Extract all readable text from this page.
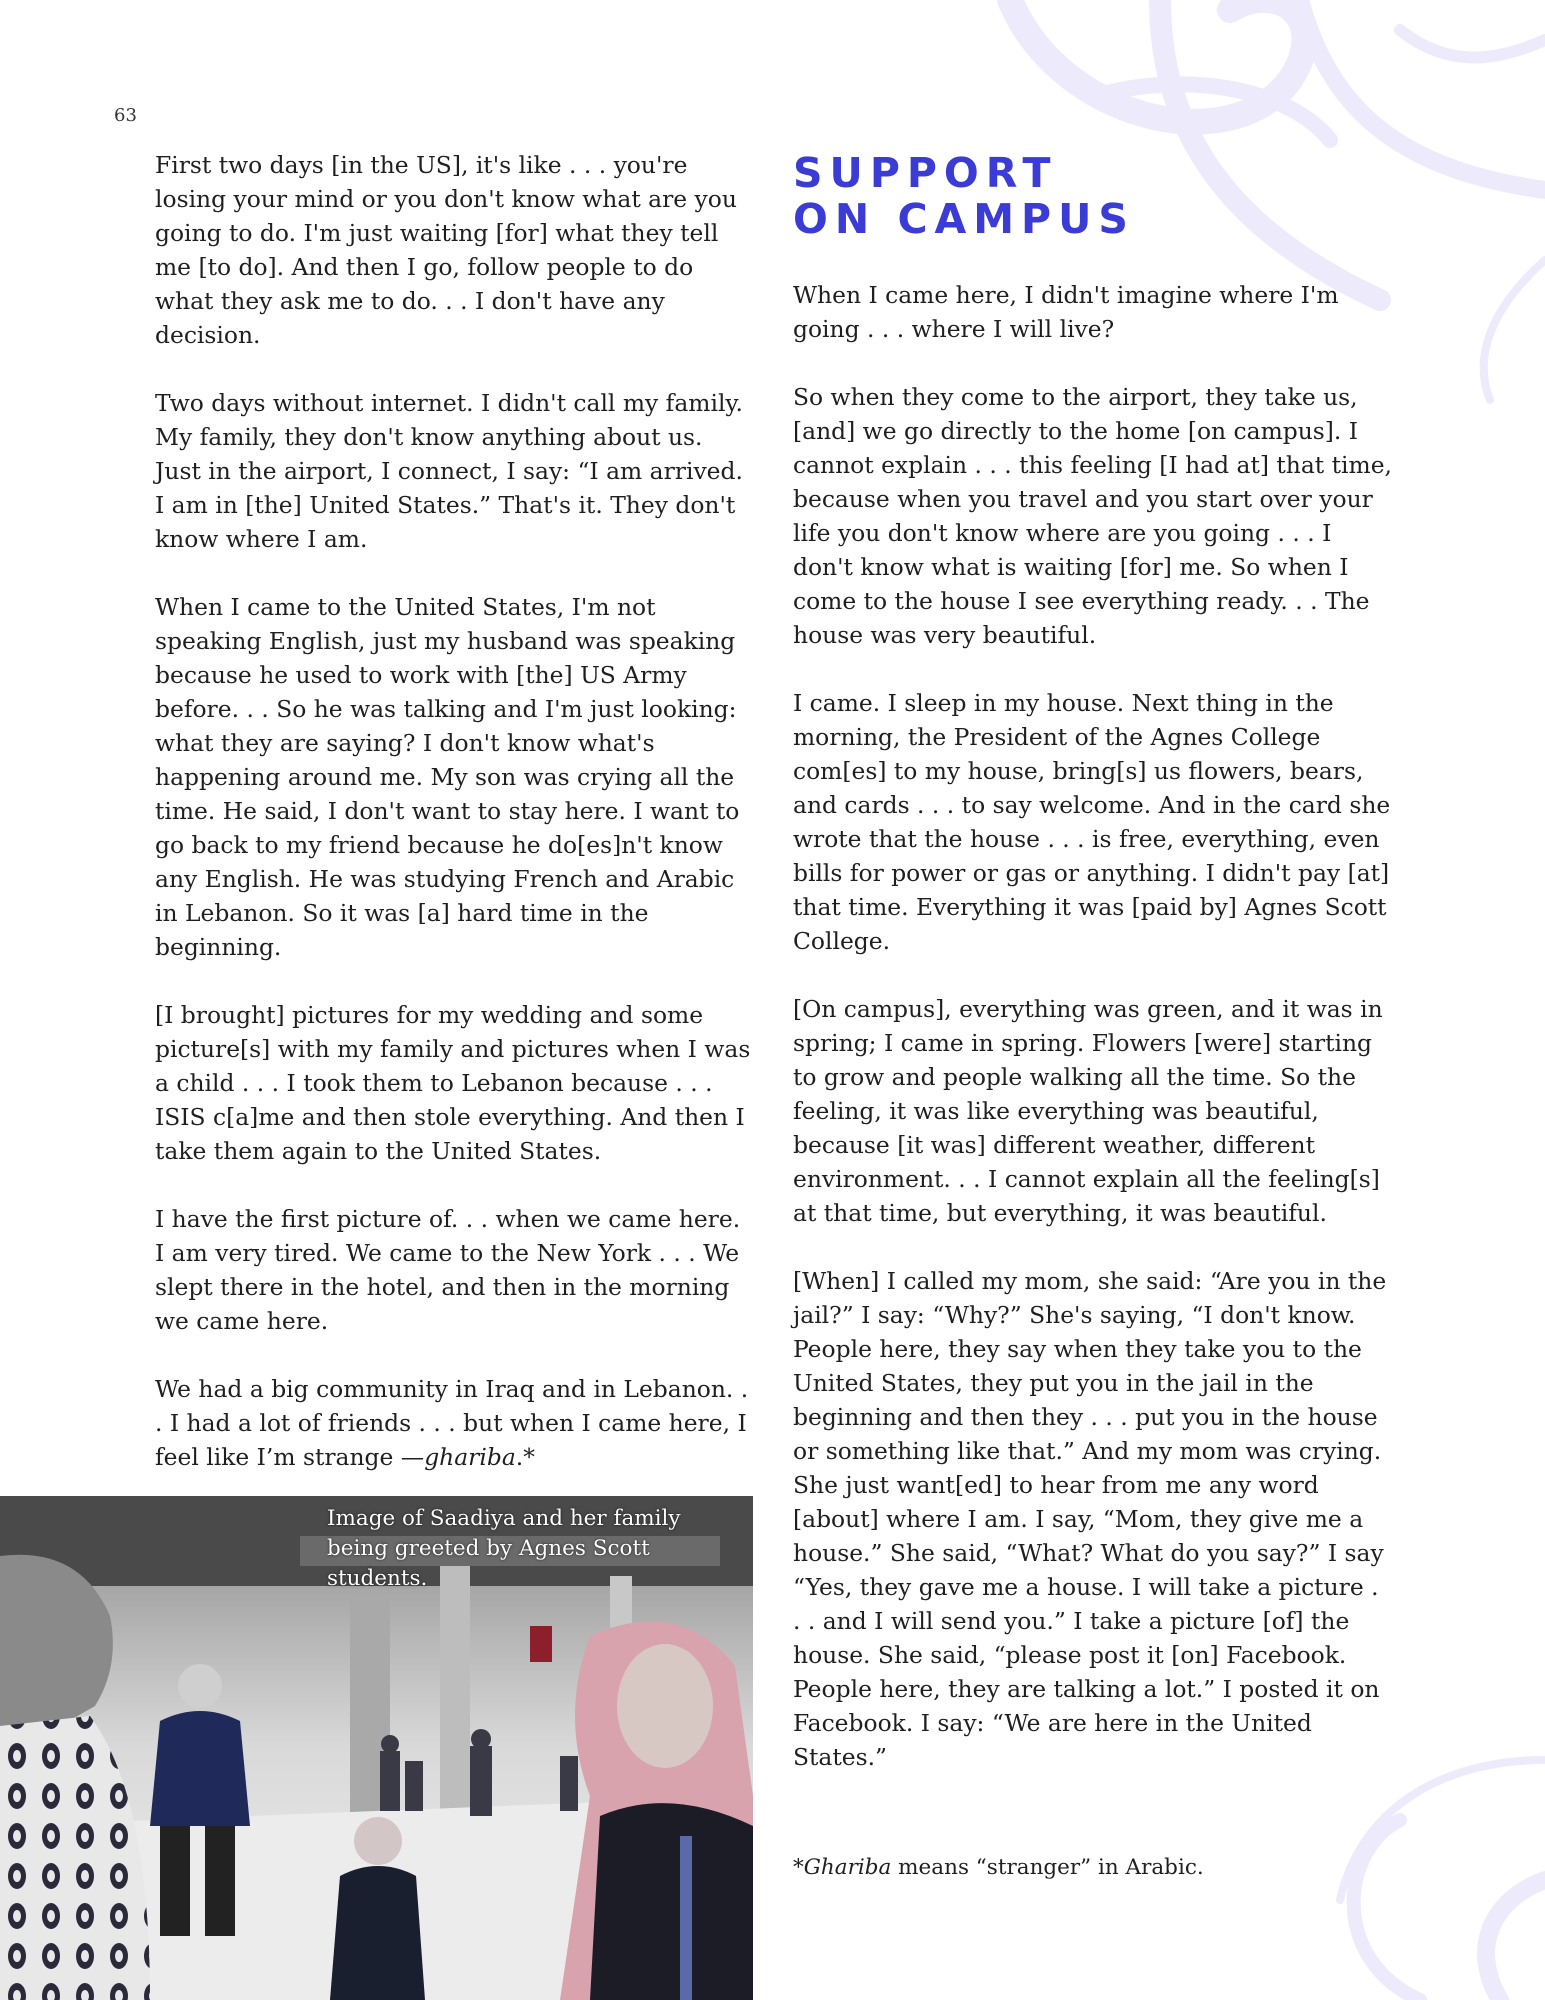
63

First two days [in the US], it's like . . . you're losing your mind or you don't know what are you going to do. I'm just waiting [for] what they tell me [to do]. And then I go, follow people to do what they ask me to do. . . I don't have any decision.

Two days without internet. I didn't call my family. My family, they don't know anything about us. Just in the airport, I connect, I say: “I am arrived. I am in [the] United States.” That's it. They don't know where I am.

When I came to the United States, I'm not speaking English, just my husband was speaking because he used to work with [the] US Army before. . . So he was talking and I'm just looking: what they are saying? I don't know what's happening around me. My son was crying all the time. He said, I don't want to stay here. I want to go back to my friend because he do[es]n't know any English. He was studying French and Arabic in Lebanon. So it was [a] hard time in the beginning.

[I brought] pictures for my wedding and some picture[s] with my family and pictures when I was a child . . . I took them to Lebanon because . . . ISIS c[a]me and then stole everything. And then I take them again to the United States.

I have the first picture of. . . when we came here. I am very tired. We came to the New York . . . We slept there in the hotel, and then in the morning we came here.

We had a big community in Iraq and in Lebanon. . . I had a lot of friends . . . but when I came here, I feel like I’m strange —ghariba.*

SUPPORT
ON CAMPUS

When I came here, I didn't imagine where I'm going . . . where I will live?

So when they come to the airport, they take us, [and] we go directly to the home [on campus]. I cannot explain . . . this feeling [I had at] that time, because when you travel and you start over your life you don't know where are you going . . . I don't know what is waiting [for] me. So when I come to the house I see everything ready. . . The house was very beautiful.

I came. I sleep in my house. Next thing in the morning, the President of the Agnes College com[es] to my house, bring[s] us flowers, bears, and cards . . . to say welcome. And in the card she wrote that the house . . . is free, everything, even bills for power or gas or anything. I didn't pay [at] that time. Everything it was [paid by] Agnes Scott College.

[On campus], everything was green, and it was in spring; I came in spring. Flowers [were] starting to grow and people walking all the time. So the feeling, it was like everything was beautiful, because [it was] different weather, different environment. . . I cannot explain all the feeling[s] at that time, but everything, it was beautiful.

[When] I called my mom, she said: “Are you in the jail?” I say: “Why?” She's saying, “I don't know. People here, they say when they take you to the United States, they put you in the jail in the beginning and then they . . . put you in the house or something like that.” And my mom was crying. She just want[ed] to hear from me any word [about] where I am. I say, “Mom, they give me a house.” She said, “What? What do you say?” I say “Yes, they gave me a house. I will take a picture . . . and I will send you.” I take a picture [of] the house. She said, “please post it [on] Facebook. People here, they are talking a lot.” I posted it on Facebook. I say: “We are here in the United States.”

*Ghariba means “stranger” in Arabic.
Image of Saadiya and her family being greeted by Agnes Scott students.
